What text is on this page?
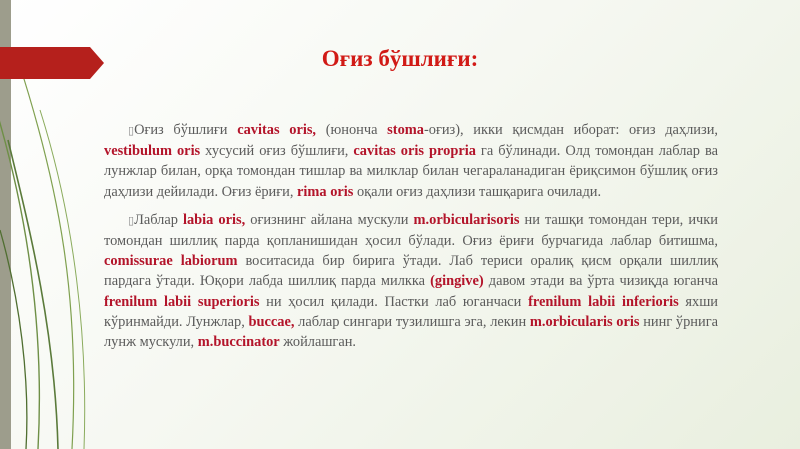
Оғиз бўшлиғи:

▯Оғиз бўшлиғи cavitas oris, (юнонча stoma-оғиз), икки қисмдан иборат: оғиз даҳлизи, vestibulum oris хусусий оғиз бўшлиғи, cavitas oris propria га бўлинади. Олд томондан лаблар ва лунжлар билан, орқа томондан тишлар ва милклар билан чегараланадиган ёриқсимон бўшлиқ оғиз даҳлизи дейилади. Оғиз ёриғи, rima oris оқали оғиз даҳлизи ташқарига очилади.

▯Лаблар labia oris, оғизнинг айлана мускули m.orbicularisoris ни ташқи томондан тери, ички томондан шиллиқ парда қопланишидан ҳосил бўлади. Оғиз ёриғи бурчагида лаблар битишма, comissurae labiorum воситасида бир бирига ўтади. Лаб териси оралиқ қисм орқали шиллиқ пардага ўтади. Юқори лабда шиллиқ парда милкка (gingive) давом этади ва ўрта чизиқда юганча frenilum labii superioris ни ҳосил қилади. Пастки лаб юганчаси frenilum labii inferioris яхши кўринмайди. Лунжлар, buccae, лаблар сингари тузилишга эга, лекин m.orbicularis oris нинг ўрнига лунж мускули, m.buccinator жойлашган.
